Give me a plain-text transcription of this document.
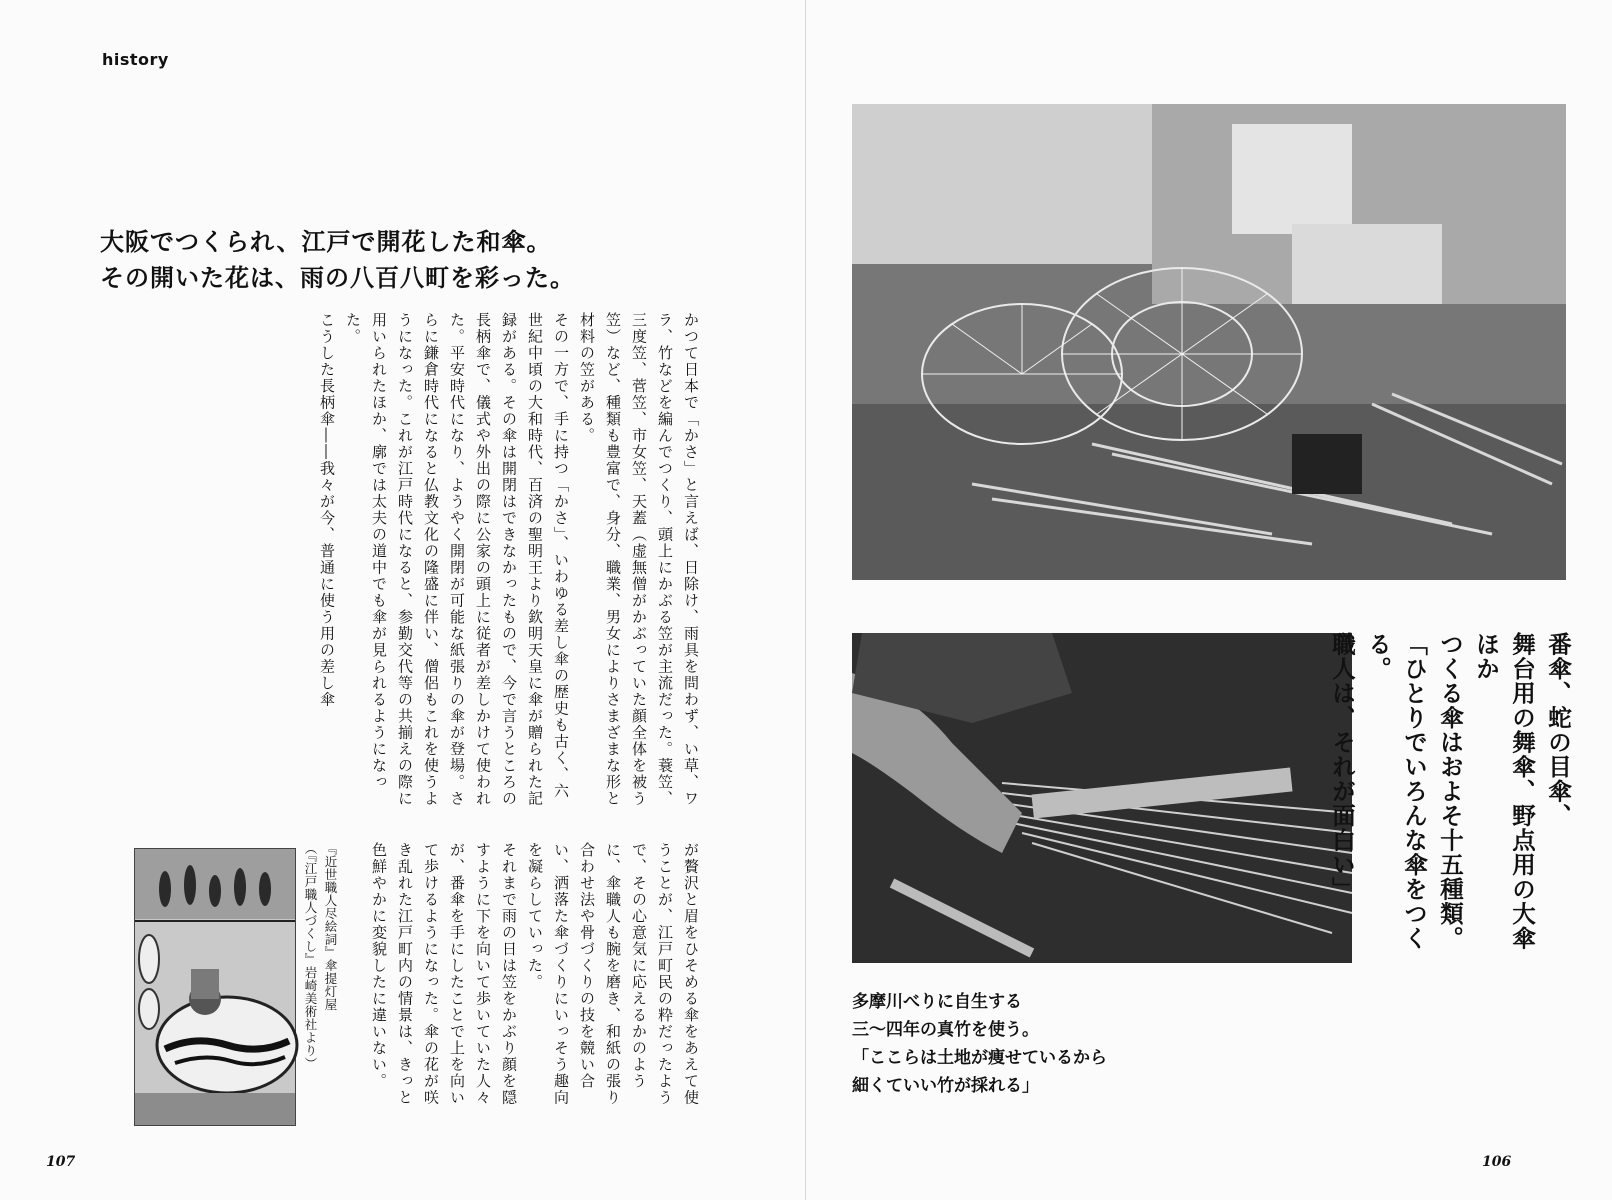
history
大阪でつくられ、江戸で開花した和傘。
その開いた花は、雨の八百八町を彩った。

かつて日本で「かさ」と言えば、日除け、雨具を問わず、い草、ワラ、竹などを編んでつくり、頭上にかぶる笠が主流だった。蓑笠、三度笠、菅笠、市女笠、天蓋（虚無僧がかぶっていた顔全体を被う笠）など、種類も豊富で、身分、職業、男女によりさまざまな形と材料の笠がある。

その一方で、手に持つ「かさ」、いわゆる差し傘の歴史も古く、六世紀中頃の大和時代、百済の聖明王より欽明天皇に傘が贈られた記録がある。その傘は開閉はできなかったもので、今で言うところの長柄傘で、儀式や外出の際に公家の頭上に従者が差しかけて使われた。平安時代になり、ようやく開閉が可能な紙張りの傘が登場。さらに鎌倉時代になると仏教文化の隆盛に伴い、僧侶もこれを使うようになった。これが江戸時代になると、参勤交代等の共揃えの際に用いられたほか、廓では太夫の道中でも傘が見られるようになった。

こうした長柄傘――我々が今、普通に使う用の差し傘

が贅沢と眉をひそめる傘をあえて使うことが、江戸町民の粋だったようで、その心意気に応えるかのように、傘職人も腕を磨き、和紙の張り合わせ法や骨づくりの技を競い合い、洒落た傘づくりにいっそう趣向を凝らしていった。

それまで雨の日は笠をかぶり顔を隠すように下を向いて歩いていた人々が、番傘を手にしたことで上を向いて歩けるようになった。傘の花が咲き乱れた江戸町内の情景は、きっと色鮮やかに変貌したに違いない。

『近世職人尽絵詞』傘提灯屋
（『江戸職人づくし』岩崎美術社より）
107	106
番傘、蛇の目傘、
舞台用の舞傘、野点用の大傘ほか
つくる傘はおよそ十五種類。
「ひとりでいろんな傘をつくる。
職人は、それが面白い」
多摩川べりに自生する
三～四年の真竹を使う。
「ここらは土地が痩せているから
細くていい竹が採れる」
